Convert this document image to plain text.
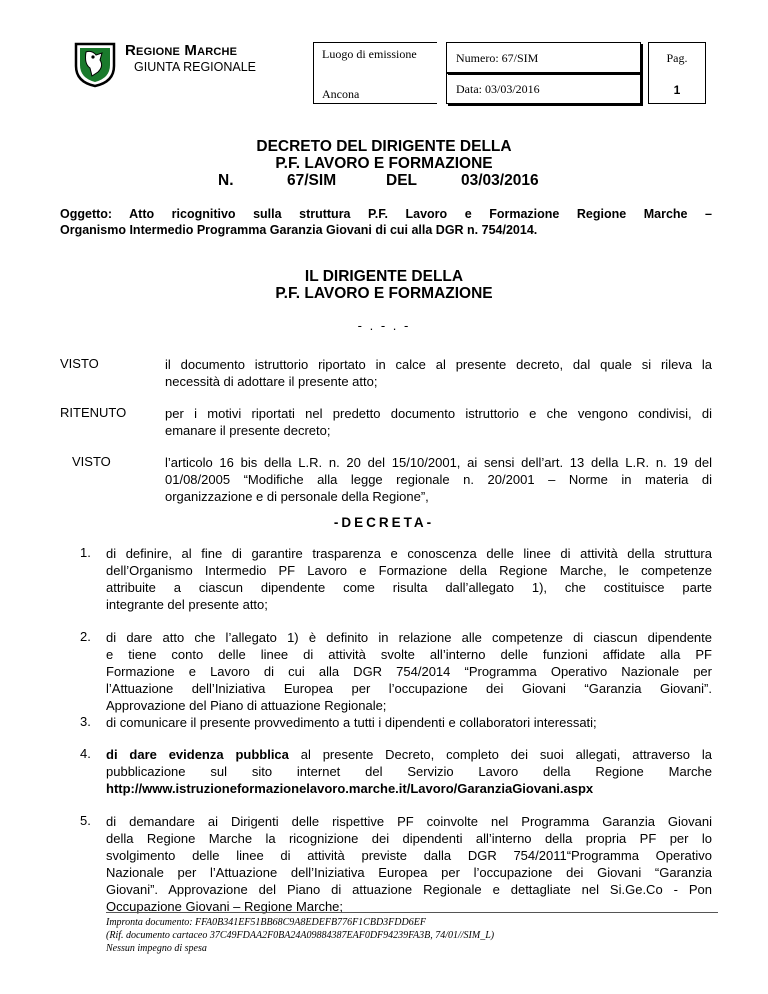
Regione Marche
GIUNTA REGIONALE
Luogo di emissione
Ancona
Numero: 67/SIM
Data: 03/03/2016
Pag.
1
DECRETO DEL DIRIGENTE DELLA
P.F. LAVORO E FORMAZIONE
N.	67/SIM	DEL	03/03/2016
Oggetto: Atto ricognitivo sulla struttura P.F. Lavoro e Formazione Regione Marche –
Organismo Intermedio Programma Garanzia Giovani di cui alla DGR n. 754/2014.
IL DIRIGENTE DELLA
P.F. LAVORO E FORMAZIONE
- . - . -
VISTO	il documento istruttorio riportato in calce al presente decreto, dal quale si rileva la
necessità di adottare il presente atto;
RITENUTO	per i motivi riportati nel predetto documento istruttorio e che vengono condivisi, di
emanare il presente decreto;
VISTO	l’articolo 16 bis della L.R. n. 20 del 15/10/2001, ai sensi dell’art. 13 della L.R. n. 19 del
01/08/2005 “Modifiche alla legge regionale n. 20/2001 – Norme in materia di
organizzazione e di personale della Regione”,
-DECRETA-
1. di definire, al fine di garantire trasparenza e conoscenza delle linee di attività della struttura
dell’Organismo Intermedio PF Lavoro e Formazione della Regione Marche, le competenze
attribuite a ciascun dipendente come risulta dall’allegato 1), che costituisce parte
integrante del presente atto;
2. di dare atto che l’allegato 1) è definito in relazione alle competenze di ciascun dipendente
e tiene conto delle linee di attività svolte all’interno delle funzioni affidate alla PF
Formazione e Lavoro di cui alla DGR 754/2014 “Programma Operativo Nazionale per
l’Attuazione dell’Iniziativa Europea per l’occupazione dei Giovani “Garanzia Giovani”.
Approvazione del Piano di attuazione Regionale;
3. di comunicare il presente provvedimento a tutti i dipendenti e collaboratori interessati;
4. di dare evidenza pubblica al presente Decreto, completo dei suoi allegati, attraverso la
pubblicazione sul sito internet del Servizio Lavoro della Regione Marche
http://www.istruzioneformazionelavoro.marche.it/Lavoro/GaranziaGiovani.aspx
5. di demandare ai Dirigenti delle rispettive PF coinvolte nel Programma Garanzia Giovani
della Regione Marche la ricognizione dei dipendenti all’interno della propria PF per lo
svolgimento delle linee di attività previste dalla DGR 754/2011“Programma Operativo
Nazionale per l’Attuazione dell’Iniziativa Europea per l’occupazione dei Giovani “Garanzia
Giovani”. Approvazione del Piano di attuazione Regionale e dettagliate nel Si.Ge.Co - Pon
Occupazione Giovani – Regione Marche;
Impronta documento: FFA0B341EF51BB68C9A8EDEFB776F1CBD3FDD6EF
(Rif. documento cartaceo 37C49FDAA2F0BA24A09884387EAF0DF94239FA3B, 74/01//SIM_L)
Nessun impegno di spesa
